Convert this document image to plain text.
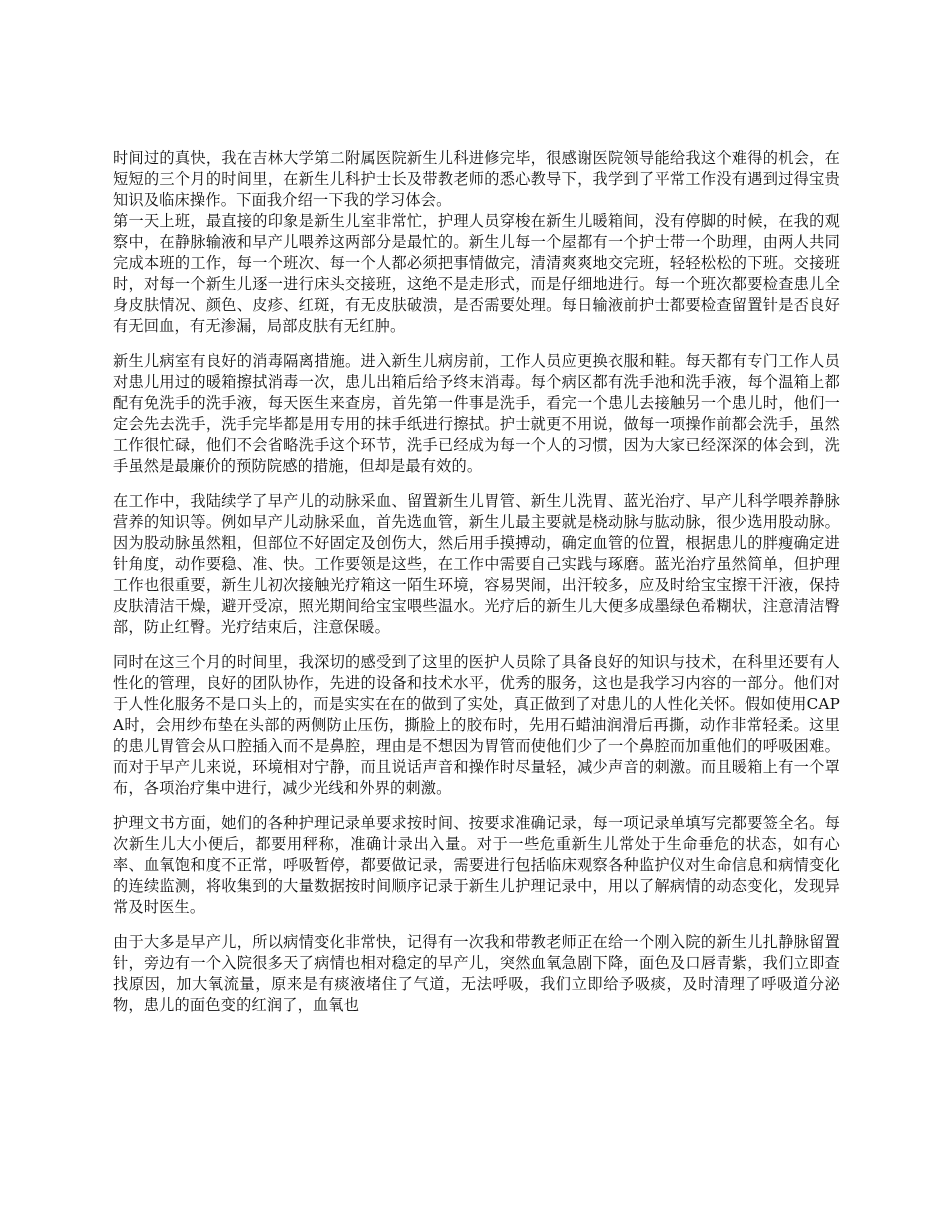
时间过的真快，我在吉林大学第二附属医院新生儿科进修完毕，很感谢医院领导能给我这个难得的机会，在短短的三个月的时间里，在新生儿科护士长及带教老师的悉心教导下，我学到了平常工作没有遇到过得宝贵知识及临床操作。下面我介绍一下我的学习体会。

第一天上班，最直接的印象是新生儿室非常忙，护理人员穿梭在新生儿暖箱间，没有停脚的时候，在我的观察中，在静脉输液和早产儿喂养这两部分是最忙的。新生儿每一个屋都有一个护士带一个助理，由两人共同完成本班的工作，每一个班次、每一个人都必须把事情做完，清清爽爽地交完班，轻轻松松的下班。交接班时，对每一个新生儿逐一进行床头交接班，这绝不是走形式，而是仔细地进行。每一个班次都要检查患儿全身皮肤情况、颜色、皮疹、红斑，有无皮肤破溃，是否需要处理。每日输液前护士都要检查留置针是否良好有无回血，有无渗漏，局部皮肤有无红肿。

新生儿病室有良好的消毒隔离措施。进入新生儿病房前，工作人员应更换衣服和鞋。每天都有专门工作人员对患儿用过的暖箱擦拭消毒一次，患儿出箱后给予终末消毒。每个病区都有洗手池和洗手液，每个温箱上都配有免洗手的洗手液，每天医生来查房，首先第一件事是洗手，看完一个患儿去接触另一个患儿时，他们一定会先去洗手，洗手完毕都是用专用的抹手纸进行擦拭。护士就更不用说，做每一项操作前都会洗手，虽然工作很忙碌，他们不会省略洗手这个环节，洗手已经成为每一个人的习惯，因为大家已经深深的体会到，洗手虽然是最廉价的预防院感的措施，但却是最有效的。

在工作中，我陆续学了早产儿的动脉采血、留置新生儿胃管、新生儿洗胃、蓝光治疗、早产儿科学喂养静脉营养的知识等。例如早产儿动脉采血，首先选血管，新生儿最主要就是桡动脉与肱动脉，很少选用股动脉。因为股动脉虽然粗，但部位不好固定及创伤大，然后用手摸搏动，确定血管的位置，根据患儿的胖瘦确定进针角度，动作要稳、准、快。工作要领是这些，在工作中需要自己实践与琢磨。蓝光治疗虽然简单，但护理工作也很重要，新生儿初次接触光疗箱这一陌生环境，容易哭闹，出汗较多，应及时给宝宝擦干汗液，保持皮肤清洁干燥，避开受凉，照光期间给宝宝喂些温水。光疗后的新生儿大便多成墨绿色希糊状，注意清洁臀部，防止红臀。光疗结束后，注意保暖。

同时在这三个月的时间里，我深切的感受到了这里的医护人员除了具备良好的知识与技术，在科里还要有人性化的管理，良好的团队协作，先进的设备和技术水平，优秀的服务，这也是我学习内容的一部分。他们对于人性化服务不是口头上的，而是实实在在的做到了实处，真正做到了对患儿的人性化关怀。假如使用CAPA时，会用纱布垫在头部的两侧防止压伤，撕脸上的胶布时，先用石蜡油润滑后再撕，动作非常轻柔。这里的患儿胃管会从口腔插入而不是鼻腔，理由是不想因为胃管而使他们少了一个鼻腔而加重他们的呼吸困难。而对于早产儿来说，环境相对宁静，而且说话声音和操作时尽量轻，减少声音的刺激。而且暖箱上有一个罩布，各项治疗集中进行，减少光线和外界的刺激。

护理文书方面，她们的各种护理记录单要求按时间、按要求准确记录，每一项记录单填写完都要签全名。每次新生儿大小便后，都要用秤称，准确计录出入量。对于一些危重新生儿常处于生命垂危的状态，如有心率、血氧饱和度不正常，呼吸暂停，都要做记录，需要进行包括临床观察各种监护仪对生命信息和病情变化的连续监测，将收集到的大量数据按时间顺序记录于新生儿护理记录中，用以了解病情的动态变化，发现异常及时医生。

由于大多是早产儿，所以病情变化非常快，记得有一次我和带教老师正在给一个刚入院的新生儿扎静脉留置针，旁边有一个入院很多天了病情也相对稳定的早产儿，突然血氧急剧下降，面色及口唇青紫，我们立即查找原因，加大氧流量，原来是有痰液堵住了气道，无法呼吸，我们立即给予吸痰，及时清理了呼吸道分泌物，患儿的面色变的红润了，血氧也
